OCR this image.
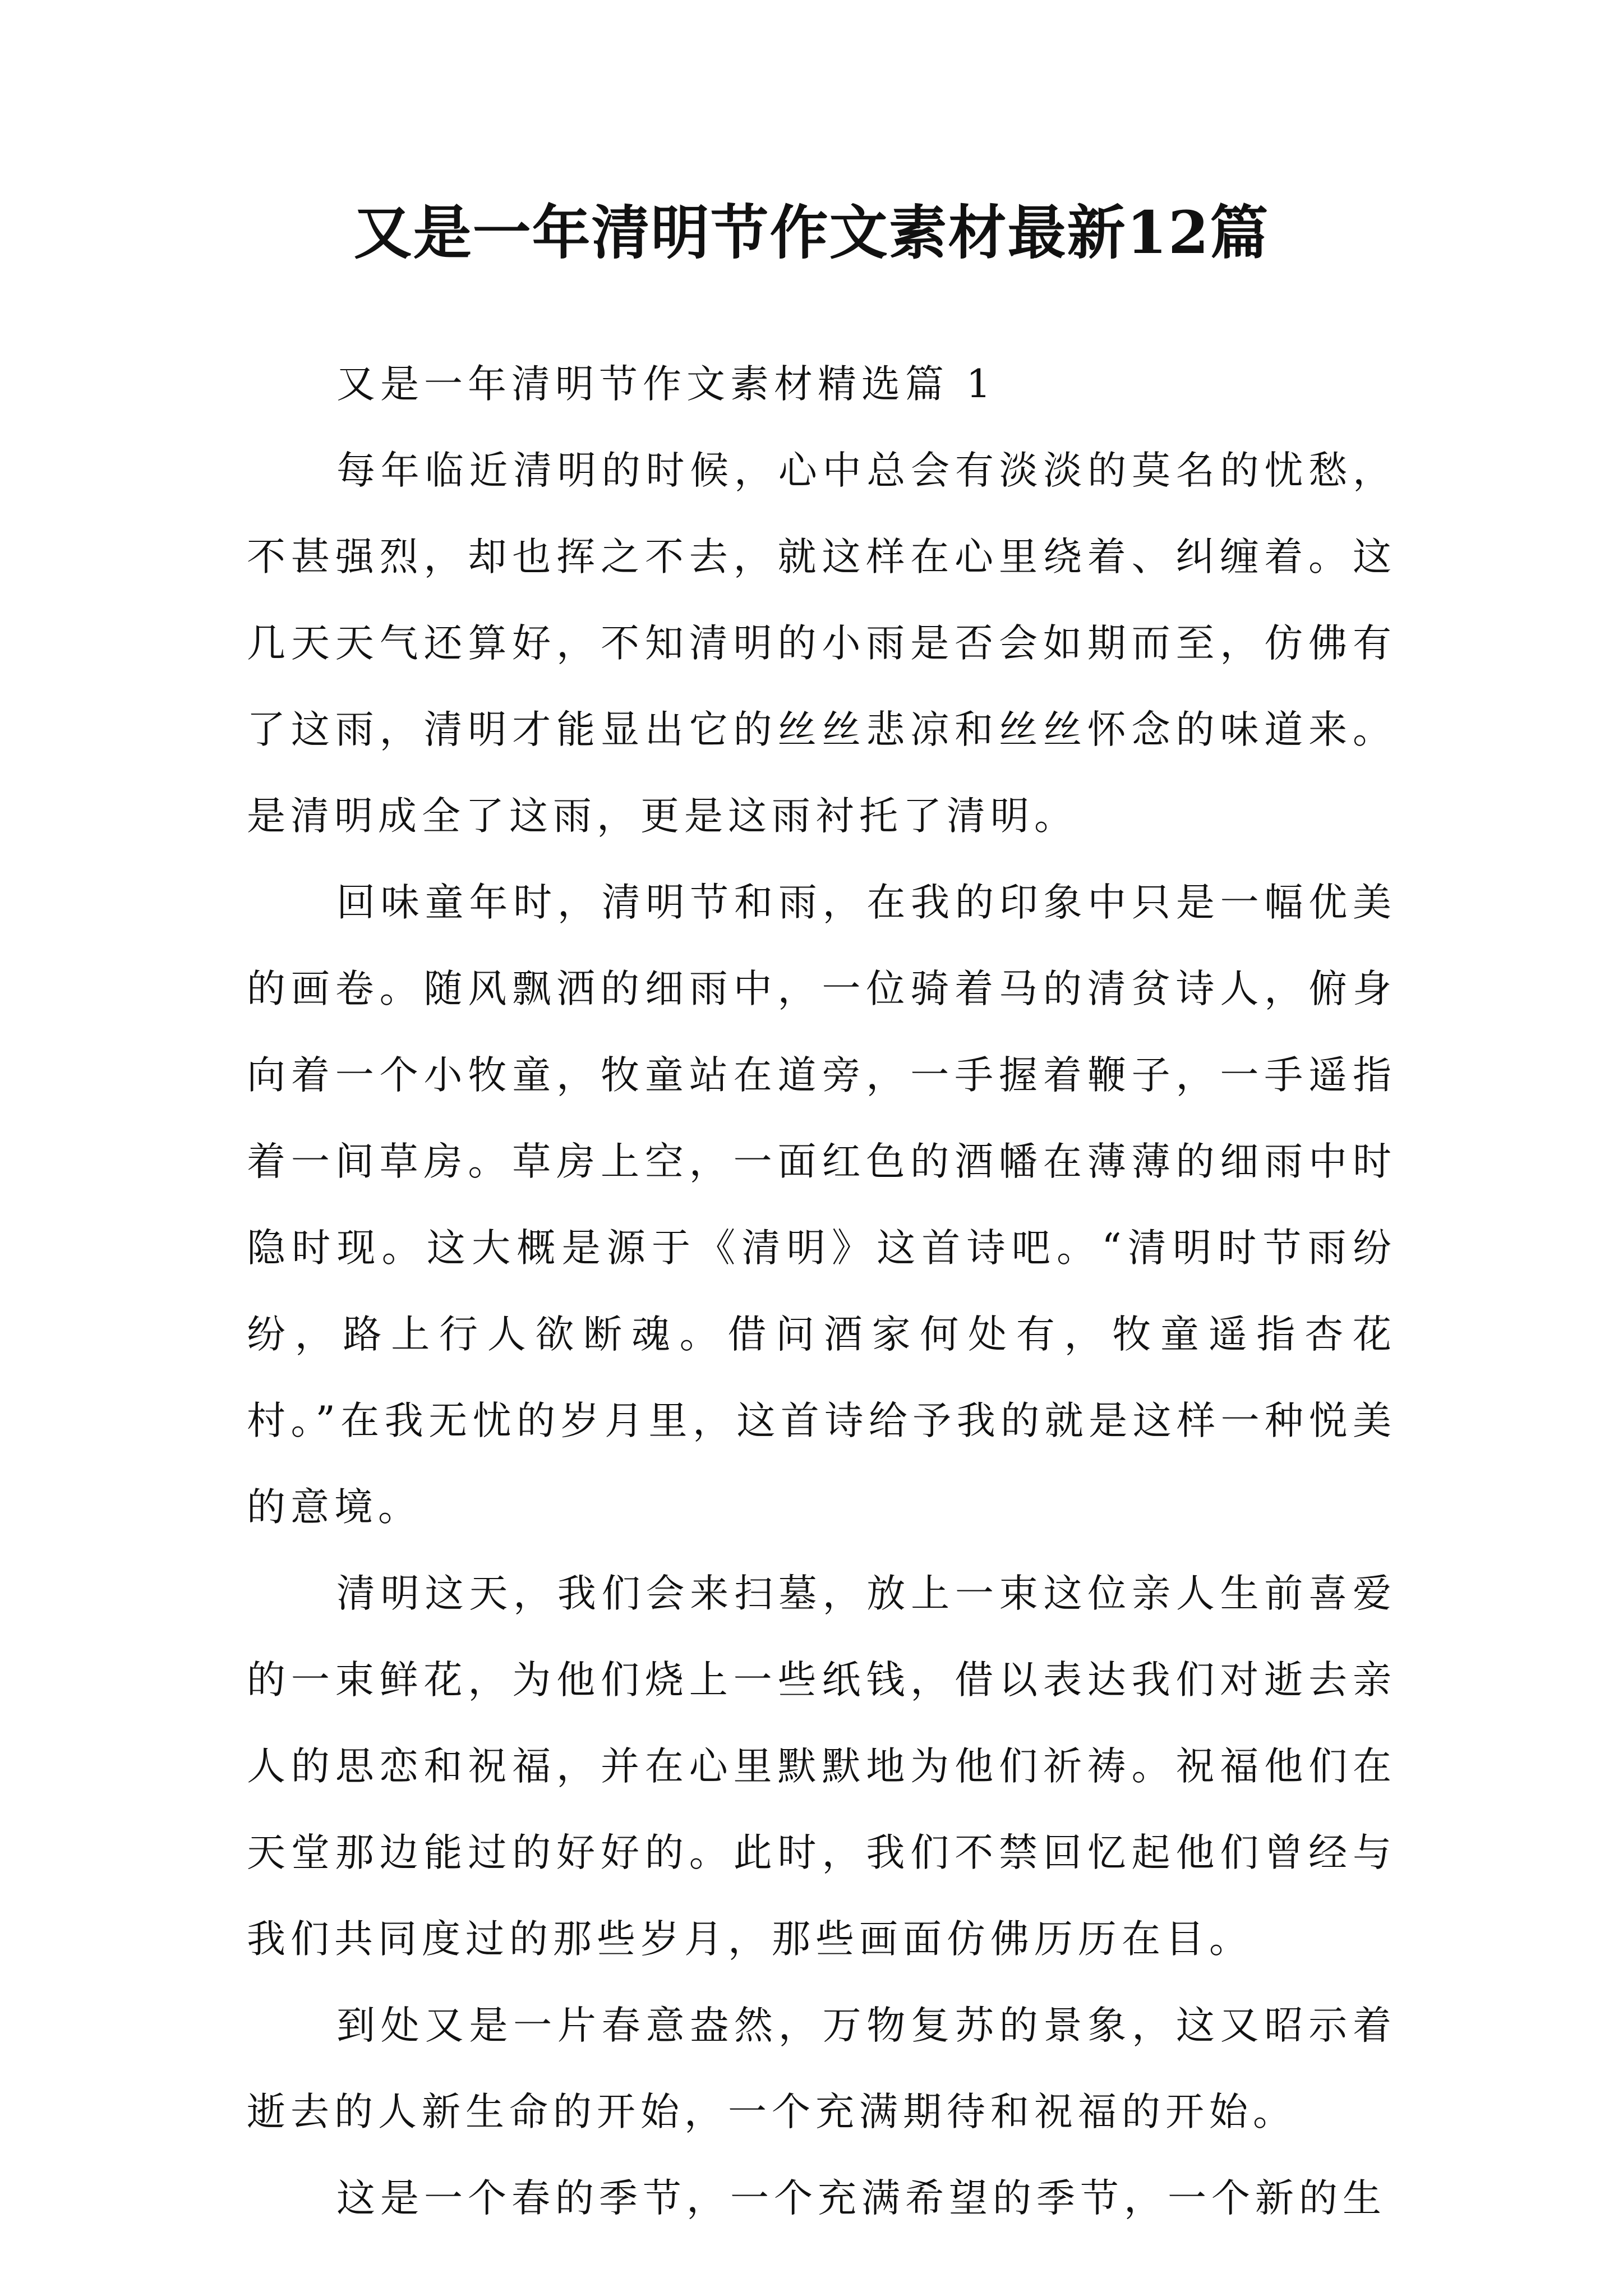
又是一年清明节作文素材最新12篇

又是一年清明节作文素材精选篇 1

每年临近清明的时候，心中总会有淡淡的莫名的忧愁，不甚强烈，却也挥之不去，就这样在心里绕着、纠缠着。这几天天气还算好，不知清明的小雨是否会如期而至，仿佛有了这雨，清明才能显出它的丝丝悲凉和丝丝怀念的味道来。是清明成全了这雨，更是这雨衬托了清明。

回味童年时，清明节和雨，在我的印象中只是一幅优美的画卷。随风飘洒的细雨中，一位骑着马的清贫诗人，俯身向着一个小牧童，牧童站在道旁，一手握着鞭子，一手遥指着一间草房。草房上空，一面红色的酒幡在薄薄的细雨中时隐时现。这大概是源于《清明》这首诗吧。“清明时节雨纷纷，路上行人欲断魂。借问酒家何处有，牧童遥指杏花村。”在我无忧的岁月里，这首诗给予我的就是这样一种悦美的意境。

清明这天，我们会来扫墓，放上一束这位亲人生前喜爱的一束鲜花，为他们烧上一些纸钱，借以表达我们对逝去亲人的思恋和祝福，并在心里默默地为他们祈祷。祝福他们在天堂那边能过的好好的。此时，我们不禁回忆起他们曾经与我们共同度过的那些岁月，那些画面仿佛历历在目。

到处又是一片春意盎然，万物复苏的景象，这又昭示着逝去的人新生命的开始，一个充满期待和祝福的开始。

这是一个春的季节，一个充满希望的季节，一个新的生
